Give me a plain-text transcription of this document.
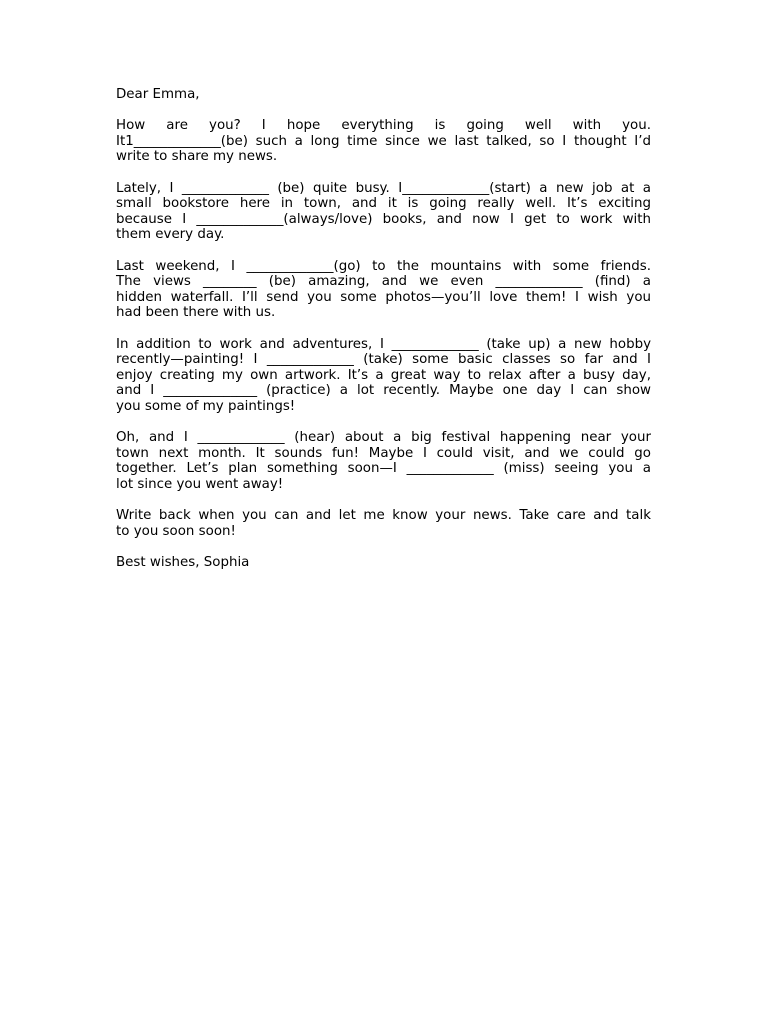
Dear Emma,
How are you? I hope everything is going well with you.
It1_____________(be) such a long time since we last talked, so I thought I’d
write to share my news.
Lately, I _____________ (be) quite busy. I_____________(start) a new job at a
small bookstore here in town, and it is going really well. It’s exciting
because I _____________(always/love) books, and now I get to work with
them every day.
Last weekend, I _____________(go) to the mountains with some friends.
The views ________ (be) amazing, and we even _____________ (find) a
hidden waterfall. I’ll send you some photos—you’ll love them! I wish you
had been there with us.
In addition to work and adventures, I _____________ (take up) a new hobby
recently—painting! I _____________ (take) some basic classes so far and I
enjoy creating my own artwork. It’s a great way to relax after a busy day,
and I ______________ (practice) a lot recently. Maybe one day I can show
you some of my paintings!
Oh, and I _____________ (hear) about a big festival happening near your
town next month. It sounds fun! Maybe I could visit, and we could go
together. Let’s plan something soon—I _____________ (miss) seeing you a
lot since you went away!
Write back when you can and let me know your news. Take care and talk
to you soon soon!
Best wishes, Sophia
